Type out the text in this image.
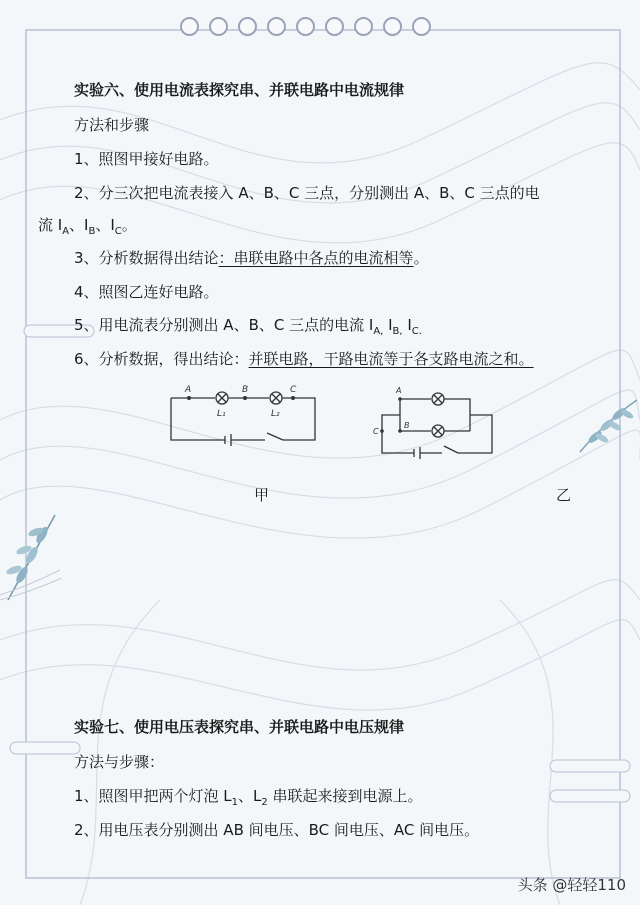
实验六、使用电流表探究串、并联电路中电流规律
方法和步骤
1、照图甲接好电路。
2、分三次把电流表接入 A、B、C 三点，分别测出 A、B、C 三点的电
流 $I_A$、$I_B$、$I_C$。
3、分析数据得出结论：串联电路中各点的电流相等。
4、照图乙连好电路。
5、用电流表分别测出 A、B、C 三点的电流 $I_{A,}$ $I_{B,}$ $I_{C.}$
6、分析数据，得出结论：并联电路，干路电流等于各支路电流之和。
A	B	C
L₁	L₂
A
B
C
甲	乙
实验七、使用电压表探究串、并联电路中电压规律
方法与步骤：
1、照图甲把两个灯泡 $L_1$、$L_2$ 串联起来接到电源上。
2、用电压表分别测出 AB 间电压、BC 间电压、AC 间电压。
头条 @轻轻110
